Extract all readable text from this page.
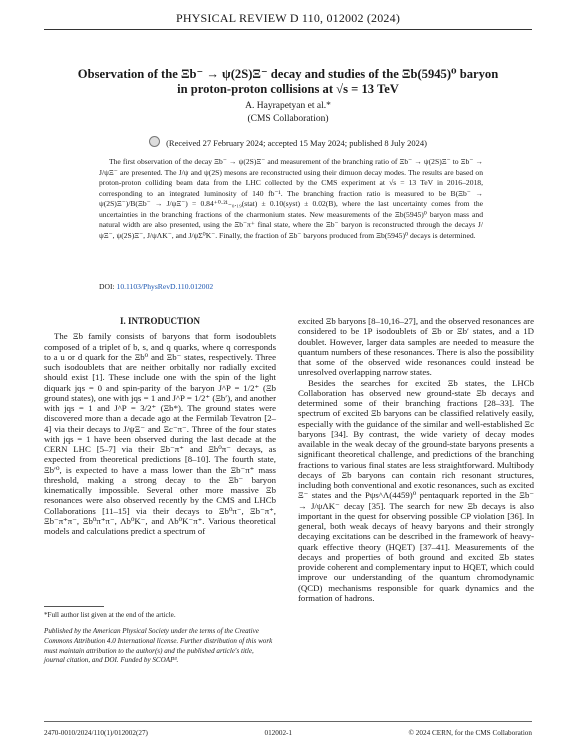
PHYSICAL REVIEW D 110, 012002 (2024)
Observation of the Ξb⁻ → ψ(2S)Ξ⁻ decay and studies of the Ξb(5945)⁰ baryon
in proton-proton collisions at √s = 13 TeV
A. Hayrapetyan et al.*
(CMS Collaboration)
(Received 27 February 2024; accepted 15 May 2024; published 8 July 2024)
The first observation of the decay Ξb⁻ → ψ(2S)Ξ⁻ and measurement of the branching ratio of Ξb⁻ → ψ(2S)Ξ⁻ to Ξb⁻ → J/ψΞ⁻ are presented. The J/ψ and ψ(2S) mesons are reconstructed using their dimuon decay modes. The results are based on proton-proton colliding beam data from the LHC collected by the CMS experiment at √s = 13 TeV in 2016–2018, corresponding to an integrated luminosity of 140 fb⁻¹. The branching fraction ratio is measured to be B(Ξb⁻ → ψ(2S)Ξ⁻)/B(Ξb⁻ → J/ψΞ⁻) = 0.84⁺⁰·²¹₋₀.₁₉(stat) ± 0.10(syst) ± 0.02(B), where the last uncertainty comes from the uncertainties in the branching fractions of the charmonium states. New measurements of the Ξb(5945)⁰ baryon mass and natural width are also presented, using the Ξb⁻π⁺ final state, where the Ξb⁻ baryon is reconstructed through the decays J/ψΞ⁻, ψ(2S)Ξ⁻, J/ψΛK⁻, and J/ψΣ⁰K⁻. Finally, the fraction of Ξb⁻ baryons produced from Ξb(5945)⁰ decays is determined.
DOI: 10.1103/PhysRevD.110.012002
I. INTRODUCTION

The Ξb family consists of baryons that form isodoublets composed of a triplet of b, s, and q quarks, where q corresponds to a u or d quark for the Ξb⁰ and Ξb⁻ states, respectively. Three such isodoublets that are neither orbitally nor radially excited should exist [1]. These include one with the spin of the light diquark jqs = 0 and spin-parity of the baryon J^P = 1/2⁺ (Ξb ground states), one with jqs = 1 and J^P = 1/2⁺ (Ξb′), and another with jqs = 1 and J^P = 3/2⁺ (Ξb*). The ground states were discovered more than a decade ago at the Fermilab Tevatron [2–4] via their decays to J/ψΞ⁻ and Ξc⁻π⁻. Three of the four states with jqs = 1 have been observed during the last decade at the CERN LHC [5–7] via their Ξb⁻π⁺ and Ξb⁰π⁻ decays, as expected from theoretical predictions [8–10]. The fourth state, Ξb′⁰, is expected to have a mass lower than the Ξb⁻π⁺ mass threshold, making a strong decay to the Ξb⁻ baryon kinematically impossible. Several other more massive Ξb resonances were also observed recently by the CMS and LHCb Collaborations [11–15] via their decays to Ξb⁰π⁻, Ξb⁻π⁺, Ξb⁻π⁺π⁻, Ξb⁰π⁺π⁻, Λb⁰K⁻, and Λb⁰K⁻π⁺. Various theoretical models and calculations predict a spectrum of

excited Ξb baryons [8–10,16–27], and the observed resonances are considered to be 1P isodoublets of Ξb or Ξb′ states, and a 1D doublet. However, larger data samples are needed to measure the quantum numbers of these resonances. There is also the possibility that some of the observed wide resonances could instead be unresolved overlapping narrow states.

Besides the searches for excited Ξb states, the LHCb Collaboration has observed new ground-state Ξb decays and determined some of their branching fractions [28–33]. The spectrum of excited Ξb baryons can be classified relatively easily, especially with the guidance of the similar and well-established Ξc baryons [34]. By contrast, the wide variety of decay modes available in the weak decay of the ground-state baryons presents a significant theoretical challenge, and predictions of the branching fractions to various final states are less straightforward. Multibody decays of Ξb baryons can contain rich resonant structures, including both conventional and exotic resonances, such as excited Ξ⁻ states and the Pψs^Λ(4459)⁰ pentaquark reported in the Ξb⁻ → J/ψΛK⁻ decay [35]. The search for new Ξb decays is also important in the quest for observing possible CP violation [36]. In general, both weak decays of heavy baryons and their strongly decaying excitations can be described in the framework of heavy-quark effective theory (HQET) [37–41]. Measurements of the decays and properties of both ground and excited Ξb states provide coherent and complementary input to HQET, which could improve our understanding of the quantum chromodynamic (QCD) mechanisms responsible for quark dynamics and the formation of hadrons.

*Full author list given at the end of the article.
Published by the American Physical Society under the terms of the Creative Commons Attribution 4.0 International license. Further distribution of this work must maintain attribution to the author(s) and the published article's title, journal citation, and DOI. Funded by SCOAP³.
2470-0010/2024/110(1)/012002(27)	012002-1	© 2024 CERN, for the CMS Collaboration
